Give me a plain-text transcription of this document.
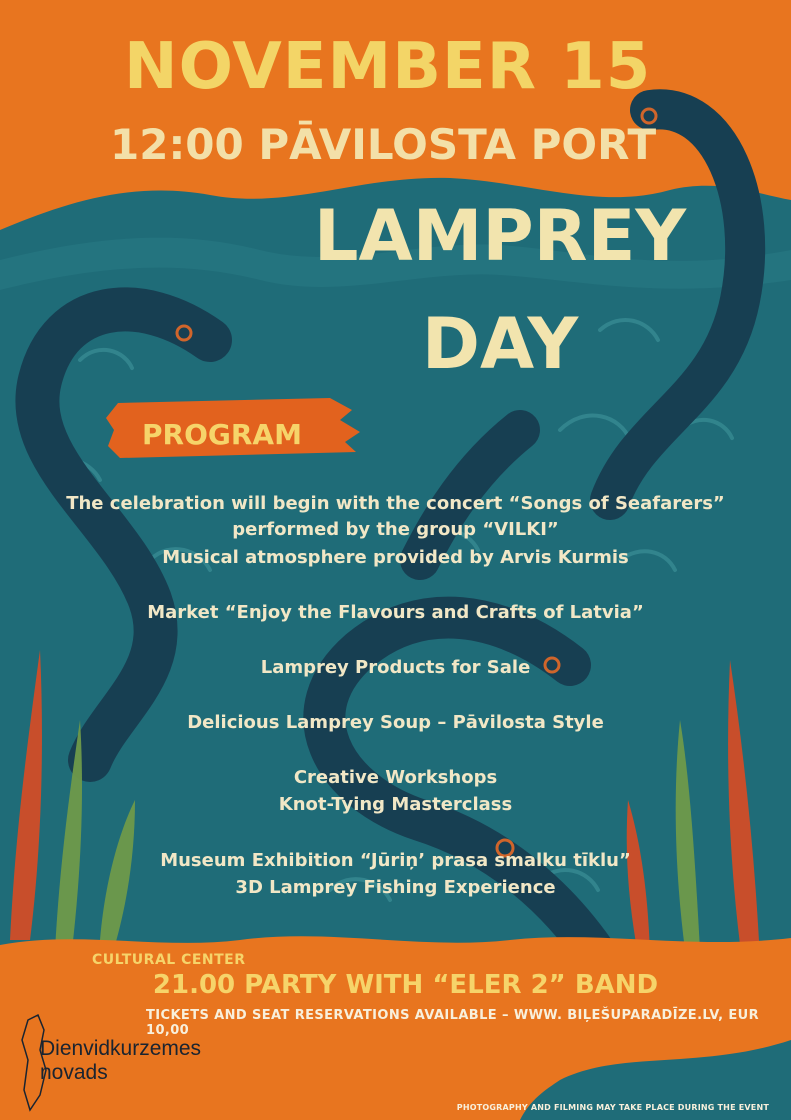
NOVEMBER 15
12:00 PĀVILOSTA PORT
LAMPREY
DAY
PROGRAM
The celebration will begin with the concert “Songs of Seafarers”
performed by the group “VILKI”
Musical atmosphere provided by Arvis Kurmis
Market “Enjoy the Flavours and Crafts of Latvia”
Lamprey Products for Sale
Delicious Lamprey Soup – Pāvilosta Style
Creative Workshops
Knot-Tying Masterclass
Museum Exhibition “Jūriņ’ prasa smalku tīklu”
3D Lamprey Fishing Experience
CULTURAL CENTER
21.00 PARTY WITH “ELER 2” BAND
TICKETS AND SEAT RESERVATIONS AVAILABLE – WWW. BIĻEŠUPARADĪZE.LV, EUR 10,00
Dienvidkurzemes
novads
PHOTOGRAPHY AND FILMING MAY TAKE PLACE DURING THE EVENT
